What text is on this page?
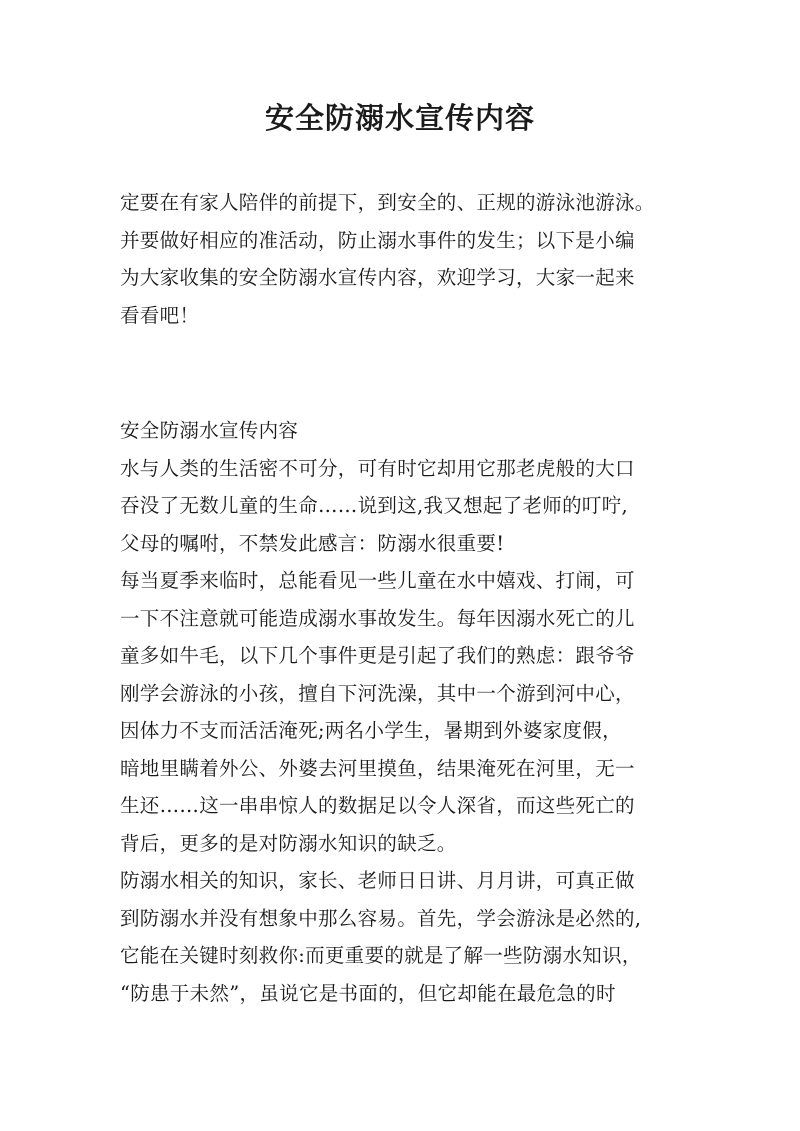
安全防溺水宣传内容
定要在有家人陪伴的前提下，到安全的、正规的游泳池游泳。
并要做好相应的准活动，防止溺水事件的发生；以下是小编
为大家收集的安全防溺水宣传内容，欢迎学习，大家一起来
看看吧！
安全防溺水宣传内容
水与人类的生活密不可分，可有时它却用它那老虎般的大口
吞没了无数儿童的生命……说到这,我又想起了老师的叮咛,
父母的嘱咐，不禁发此感言：防溺水很重要!
每当夏季来临时，总能看见一些儿童在水中嬉戏、打闹，可
一下不注意就可能造成溺水事故发生。每年因溺水死亡的儿
童多如牛毛，以下几个事件更是引起了我们的熟虑：跟爷爷
刚学会游泳的小孩，擅自下河洗澡，其中一个游到河中心，
因体力不支而活活淹死;两名小学生，暑期到外婆家度假，
暗地里瞒着外公、外婆去河里摸鱼，结果淹死在河里，无一
生还……这一串串惊人的数据足以令人深省，而这些死亡的
背后，更多的是对防溺水知识的缺乏。
防溺水相关的知识，家长、老师日日讲、月月讲，可真正做
到防溺水并没有想象中那么容易。首先，学会游泳是必然的,
它能在关键时刻救你:而更重要的就是了解一些防溺水知识，
“防患于未然”，虽说它是书面的，但它却能在最危急的时
